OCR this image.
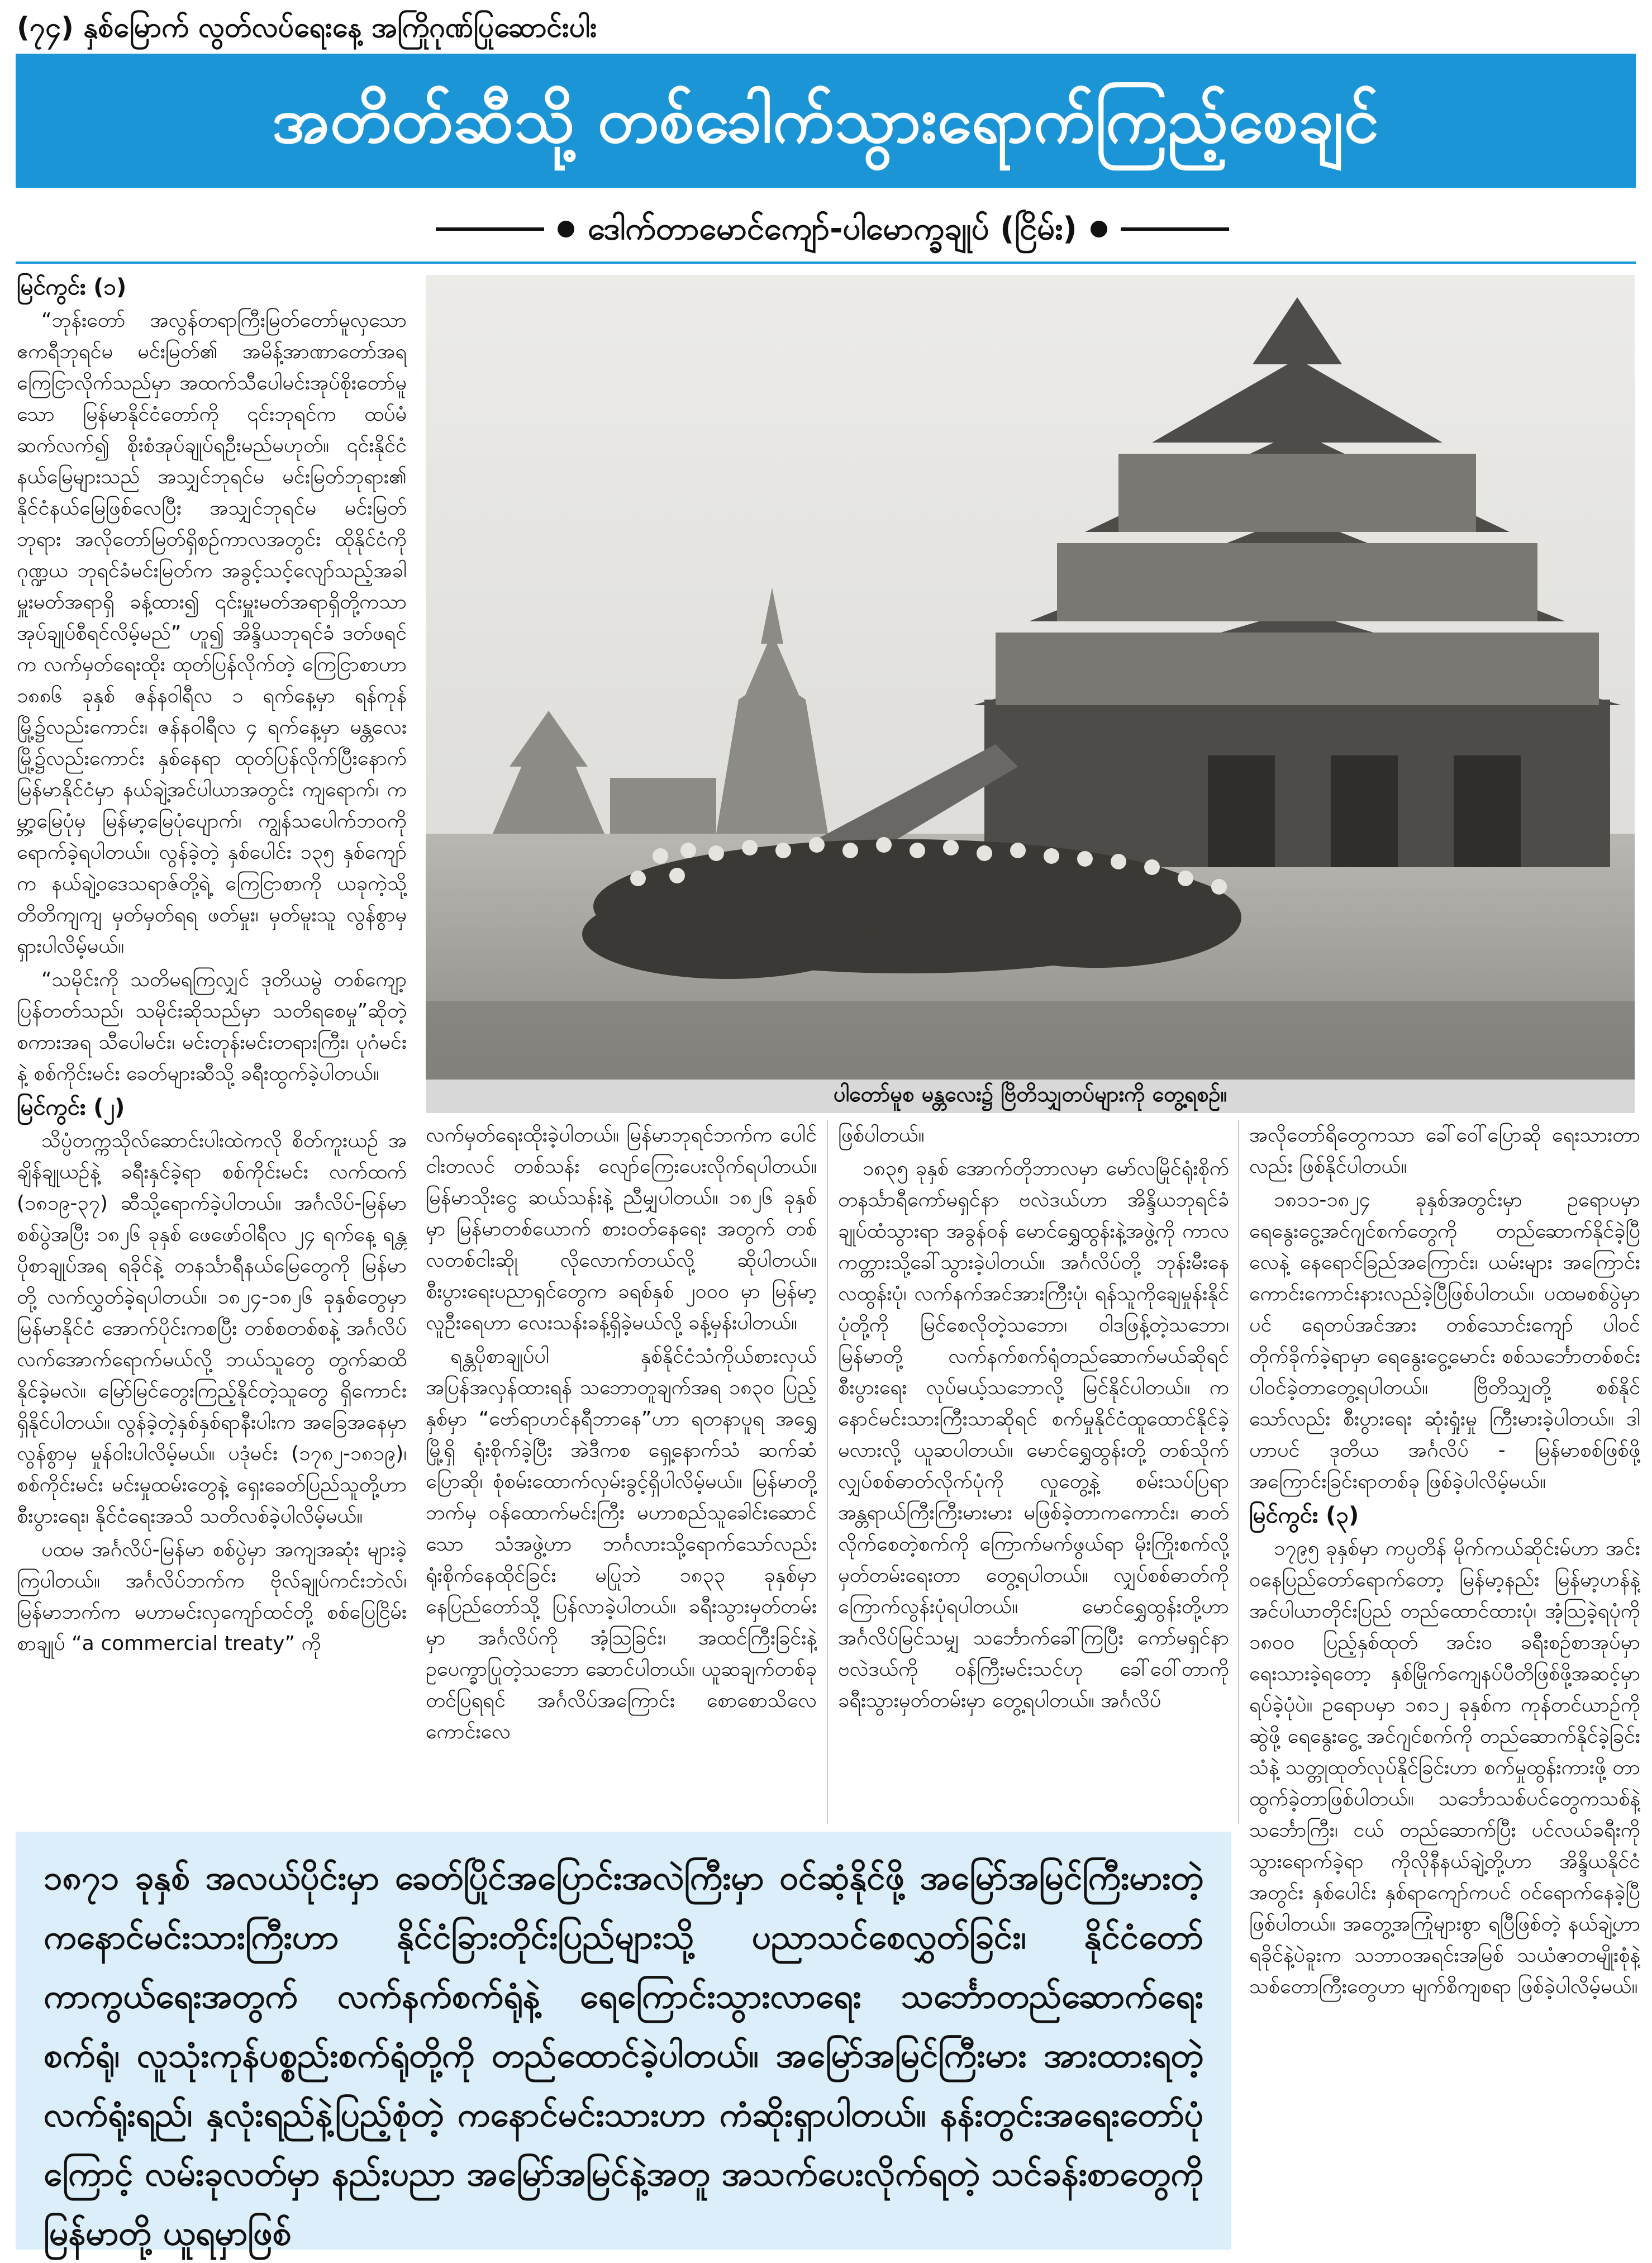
(၇၄) နှစ်မြောက် လွတ်လပ်ရေးနေ့ အကြိုဂုဏ်ပြုဆောင်းပါး
အတိတ်ဆီသို့ တစ်ခေါက်သွားရောက်ကြည့်စေချင်
ဒေါက်တာမောင်ကျော်-ပါမောက္ခချုပ် (ငြိမ်း)
မြင်ကွင်း (၁)

“ဘုန်းတော် အလွန်တရာကြီးမြတ်တော်မူလှသော ဧကရီဘုရင်မ မင်းမြတ်၏ အမိန့်အာဏာတော်အရ ကြေငြာလိုက်သည်မှာ အထက်သီပေါမင်းအုပ်စိုးတော်မူသော မြန်မာနိုင်ငံတော်ကို ၎င်းဘုရင်က ထပ်မံဆက်လက်၍ စိုးစံအုပ်ချုပ်ရဦးမည်မဟုတ်။ ၎င်းနိုင်ငံနယ်မြေများသည် အသျှင်ဘုရင်မ မင်းမြတ်ဘုရား၏ နိုင်ငံနယ်မြေဖြစ်လေပြီး အသျှင်ဘုရင်မ မင်းမြတ်ဘုရား အလိုတော်မြတ်ရှိစဉ်ကာလအတွင်း ထိုနိုင်ငံကို ဂုဏ္ဍယ ဘုရင်ခံမင်းမြတ်က အခွင့်သင့်လျော်သည့်အခါ မှူးမတ်အရာရှိ ခန့်ထား၍ ၎င်းမှူးမတ်အရာရှိတို့ကသာ အုပ်ချုပ်စီရင်လိမ့်မည်” ဟူ၍ အိန္ဒိယဘုရင်ခံ ဒတ်ဖရင်က လက်မှတ်ရေးထိုး ထုတ်ပြန်လိုက်တဲ့ ကြေငြာစာဟာ ၁၈၈၆ ခုနှစ် ဇန်နဝါရီလ ၁ ရက်နေ့မှာ ရန်ကုန်မြို့၌လည်းကောင်း၊ ဇန်နဝါရီလ ၄ ရက်နေ့မှာ မန္တလေးမြို့၌လည်းကောင်း နှစ်နေရာ ထုတ်ပြန်လိုက်ပြီးနောက် မြန်မာနိုင်ငံမှာ နယ်ချဲ့အင်ပါယာအတွင်း ကျရောက်၊ ကမ္ဘာ့မြေပုံမှ မြန်မာ့မြေပုံပျောက်၊ ကျွန်သပေါက်ဘဝကို ရောက်ခဲ့ရပါတယ်။ လွန်ခဲ့တဲ့ နှစ်ပေါင်း ၁၃၅ နှစ်ကျော်က နယ်ချဲ့ဝဒေသရာဇ်တို့ရဲ့ ကြေငြာစာကို ယခုကဲ့သို့ တိတိကျကျ မှတ်မှတ်ရရ ဖတ်မှုး၊ မှတ်မူးသူ လွန်စွာမှ ရှားပါလိမ့်မယ်။

“သမိုင်းကို သတိမရကြလျှင် ဒုတိယမွဲ တစ်ကျော့ပြန်တတ်သည်၊ သမိုင်းဆိုသည်မှာ သတိရစေမှု”ဆိုတဲ့ စကားအရ သီပေါမင်း၊ မင်းတုန်းမင်းတရားကြီး၊ ပုဂံမင်းနဲ့ စစ်ကိုင်းမင်း ခေတ်များဆီသို့ ခရီးထွက်ခဲ့ပါတယ်။

မြင်ကွင်း (၂)

သိပ္ပံတက္ကသိုလ်ဆောင်းပါးထဲကလို စိတ်ကူးယဉ် အချိန်ချုယဉ်နဲ့ ခရီးနှင်ခဲ့ရာ စစ်ကိုင်းမင်း လက်ထက် (၁၈၁၉-၃၇) ဆီသို့ရောက်ခဲ့ပါတယ်။ အင်္ဂလိပ်-မြန်မာစစ်ပွဲအပြီး ၁၈၂၆ ခုနှစ် ဖေဖော်ဝါရီလ ၂၄ ရက်နေ့ ရန္တပိုစာချုပ်အရ ရခိုင်နဲ့ တနင်္သာရီနယ်မြေတွေကို မြန်မာတို့ လက်လွှတ်ခဲ့ရပါတယ်။ ၁၈၂၄-၁၈၂၆ ခုနှစ်တွေမှာ မြန်မာနိုင်ငံ အောက်ပိုင်းကစပြီး တစ်စတစ်စနဲ့ အင်္ဂလိပ်လက်အောက်ရောက်မယ်လို့ ဘယ်သူတွေ တွက်ဆထိနိုင်ခဲ့မလဲ။ မြော်မြင်တွေးကြည့်နိုင်တဲ့သူတွေ ရှိကောင်းရှိနိုင်ပါတယ်။ လွန်ခဲ့တဲ့နှစ်နှစ်ရာနီးပါးက အခြေအနေမှာ လွန်စွာမှ မှုန်ဝါးပါလိမ့်မယ်။ ပဒုံမင်း (၁၇၈၂-၁၈၁၉)၊ စစ်ကိုင်းမင်း မင်းမှုထမ်းတွေနဲ့ ရှေးခေတ်ပြည်သူတို့ဟာ စီးပွားရေး၊ နိုင်ငံရေးအသိ သတိလစ်ခဲ့ပါလိမ့်မယ်။

ပထမ အင်္ဂလိပ်-မြန်မာ စစ်ပွဲမှာ အကျအဆုံး များခဲ့ကြပါတယ်။ အင်္ဂလိပ်ဘက်က ဗိုလ်ချုပ်ကင်းဘဲလ်၊ မြန်မာဘက်က မဟာမင်းလှကျော်ထင်တို့ စစ်ပြေငြိမ်းစာချုပ် “a commercial treaty” ကို

ပါတော်မူစ မန္တလေး၌ ဗြိတိသျှတပ်များကို တွေ့ရစဉ်။

လက်မှတ်ရေးထိုးခဲ့ပါတယ်။ မြန်မာဘုရင်ဘက်က ပေါင်ငါးတလင် တစ်သန်း လျော်ကြေးပေးလိုက်ရပါတယ်။ မြန်မာသိုးငွေ ဆယ်သန်းနဲ့ ညီမျှပါတယ်။ ၁၈၂၆ ခုနှစ်မှာ မြန်မာတစ်ယောက် စားဝတ်နေရေး အတွက် တစ်လတစ်ငါးဆိုု လိုလောက်တယ်လို့ ဆိုပါတယ်။ စီးပွားရေးပညာရှင်တွေက ခရစ်နှစ် ၂၀၀၀ မှာ မြန်မာ့လူဦးရေဟာ လေးသန်းခန့်ရှိခဲ့မယ်လို့ ခန့်မှန်းပါတယ်။

ရန္တပိုစာချုပ်ပါ နှစ်နိုင်ငံသံကိုယ်စားလှယ် အပြန်အလှန်ထားရန် သဘောတူချက်အရ ၁၈၃၀ ပြည့်နှစ်မှာ “ဗော်ရာဟင်နရီဘာနေ”ဟာ ရတနာပူရ အရွှေမြို့ရှိ ရုံးစိုက်ခဲ့ပြီး အဲဒီကစ ရှေ့နောက်သံ ဆက်ဆံပြောဆို၊ စုံစမ်းထောက်လှမ်းခွင့်ရှိပါလိမ့်မယ်။ မြန်မာတို့ဘက်မှ ဝန်ထောက်မင်းကြီး မဟာစည်သူခေါင်းဆောင်သော သံအဖွဲ့ဟာ ဘင်္ဂလားသို့ရောက်သော်လည်း ရုံးစိုက်နေထိုင်ခြင်း မပြုဘဲ ၁၈၃၃ ခုနှစ်မှာ နေပြည်တော်သို့ ပြန်လာခဲ့ပါတယ်။ ခရီးသွားမှတ်တမ်းမှာ အင်္ဂလိပ်ကို အံ့ဩခြင်း၊ အထင်ကြီးခြင်းနဲ့ ဥပေက္ခာပြုတဲ့သဘော ဆောင်ပါတယ်။ ယူဆချက်တစ်ခု တင်ပြရရင် အင်္ဂလိပ်အကြောင်း စောစောသိလေကောင်းလေ

ဖြစ်ပါတယ်။

၁၈၃၅ ခုနှစ် အောက်တိုဘာလမှာ မော်လမြိုင်ရုံးစိုက် တနင်္သာရီကော်မရှင်နာ ဗလဲဒယ်ဟာ အိန္ဒိယဘုရင်ခံချုပ်ထံသွားရာ အခွန်ဝန် မောင်ရွှေထွန်းနဲ့အဖွဲ့ကို ကာလကတ္တားသို့ခေါ်သွားခဲ့ပါတယ်။ အင်္ဂလိပ်တို့ ဘုန်းမီးနေလထွန်းပုံ၊ လက်နက်အင်အားကြီးပုံ၊ ရန်သူကိုချေမှုန်းနိုင်ပုံတို့ကို မြင်စေလိုတဲ့သဘော၊ ဝါဒဖြန့်တဲ့သဘော၊ မြန်မာတို့ လက်နက်စက်ရုံတည်ဆောက်မယ်ဆိုရင် စီးပွားရေး လုပ်မယ့်သဘောလို့ မြင်နိုင်ပါတယ်။ ကနောင်မင်းသားကြီးသာဆိုရင် စက်မှုနိုင်ငံထူထောင်နိုင်ခဲ့မလားလို့ ယူဆပါတယ်။ မောင်ရွှေထွန်းတို့ တစ်သိုက် လျှပ်စစ်ဓာတ်လိုက်ပုံကို လှုတွေ့နဲ့ စမ်းသပ်ပြရာ အန္တရာယ်ကြီးကြီးမားမား မဖြစ်ခဲ့တာကကောင်း၊ ဓာတ်လိုက်စေတဲ့စက်ကို ကြောက်မက်ဖွယ်ရာ မိုးကြိုးစက်လို့ မှတ်တမ်းရေးတာ တွေ့ရပါတယ်။ လျှပ်စစ်ဓာတ်ကို ကြောက်လွန်းပုံရပါတယ်။ မောင်ရွှေထွန်းတို့ဟာ အင်္ဂလိပ်မြင်သမျှ သင်္ဘောက်ခေါ်ကြပြီး ကော်မရှင်နာ ဗလဲဒယ်ကို ဝန်ကြီးမင်းသင်ဟု ခေါ်ဝေါ်တာကို ခရီးသွားမှတ်တမ်းမှာ တွေ့ရပါတယ်။ အင်္ဂလိပ်

အလိုတော်ရိတွေကသာ ခေါ်ဝေါ်ပြောဆို ရေးသားတာလည်း ဖြစ်နိုင်ပါတယ်။

၁၈၁၁-၁၈၂၄ ခုနှစ်အတွင်းမှာ ဥရောပမှာ ရေနွေးငွေ့အင်ဂျင်စက်တွေကို တည်ဆောက်နိုင်ခဲ့ပြီ လေနဲ့ နေရောင်ခြည်အကြောင်း၊ ယမ်းများ အကြောင်း ကောင်းကောင်းနားလည်ခဲ့ပြီဖြစ်ပါတယ်။ ပထမစစ်ပွဲမှာပင် ရေတပ်အင်အား တစ်သောင်းကျော် ပါဝင်တိုက်ခိုက်ခဲ့ရာမှာ ရေနွေးငွေ့မောင်း စစ်သင်္ဘောတစ်စင်း ပါဝင်ခဲ့တာတွေ့ရပါတယ်။ ဗြိတိသျှတို့ စစ်နိုင်သော်လည်း စီးပွားရေး ဆုံးရှုံးမှု ကြီးမားခဲ့ပါတယ်။ ဒါဟာပင် ဒုတိယ အင်္ဂလိပ် - မြန်မာစစ်ဖြစ်ဖို့ အကြောင်းခြင်းရာတစ်ခု ဖြစ်ခဲ့ပါလိမ့်မယ်။

မြင်ကွင်း (၃)

၁၇၉၅ ခုနှစ်မှာ ကပ္ပတိန် မိုက်ကယ်ဆိုင်းမ်ဟာ အင်းဝနေပြည်တော်ရောက်တော့ မြန်မာ့နည်း မြန်မာ့ဟန်နဲ့ အင်ပါယာတိုင်းပြည် တည်ထောင်ထားပုံ၊ အံ့သြခဲ့ရပုံကို ၁၈၀၀ ပြည့်နှစ်ထုတ် အင်း၀ ခရီးစဉ်စာအုပ်မှာ ရေးသားခဲ့ရတော့ နှစ်မြိုက်ကျေနပ်ပီတိဖြစ်ဖို့အဆင့်မှာ ရပ်ခဲ့ပုံပဲ။ ဥရောပမှာ ၁၈၁၂ ခုနှစ်က ကုန်တင်ယာဉ်ကိုဆွဲဖို့ ရေနွေးငွေ့ အင်ဂျင်စက်ကို တည်ဆောက်နိုင်ခဲ့ခြင်း သံနဲ့ သတ္တုထုတ်လုပ်နိုင်ခြင်းဟာ စက်မှုထွန်းကားဖို့ တာထွက်ခဲ့တာဖြစ်ပါတယ်။ သင်္ဘောသစ်ပင်တွေကသစ်နဲ့ သင်္ဘောကြီး၊ ငယ် တည်ဆောက်ပြီး ပင်လယ်ခရီးကို သွားရောက်ခဲ့ရာ ကိုလိုနီနယ်ချဲ့တို့ဟာ အိန္ဒိယနိုင်ငံ အတွင်း နှစ်ပေါင်း နှစ်ရာကျော်ကပင် ဝင်ရောက်နေခဲ့ပြီဖြစ်ပါတယ်။ အတွေ့အကြုံများစွာ ရပြီဖြစ်တဲ့ နယ်ချဲ့ဟာ ရခိုင်နဲ့ပဲခူးက သဘာဝအရင်းအမြစ် သယံဇာတမျိုးစုံနဲ့ သစ်တောကြီးတွေဟာ မျက်စိကျစရာ ဖြစ်ခဲ့ပါလိမ့်မယ်။

၁၈၇၁ ခုနှစ် အလယ်ပိုင်းမှာ ခေတ်ပြိုင်အပြောင်းအလဲကြီးမှာ ဝင်ဆံ့နိုင်ဖို့ အမြော်အမြင်ကြီးမားတဲ့ ကနောင်မင်းသားကြီးဟာ နိုင်ငံခြားတိုင်းပြည်များသို့ ပညာသင်စေလွှတ်ခြင်း၊ နိုင်ငံတော်ကာကွယ်ရေးအတွက် လက်နက်စက်ရုံနဲ့ ရေကြောင်းသွားလာရေး သင်္ဘောတည်ဆောက်ရေး စက်ရုံ၊ လူသုံးကုန်ပစ္စည်းစက်ရုံတို့ကို တည်ထောင်ခဲ့ပါတယ်။ အမြော်အမြင်ကြီးမား အားထားရတဲ့ လက်ရုံးရည်၊ နှလုံးရည်နဲ့ပြည့်စုံတဲ့ ကနောင်မင်းသားဟာ ကံဆိုးရှာပါတယ်။ နန်းတွင်းအရေးတော်ပုံကြောင့် လမ်းခုလတ်မှာ နည်းပညာ အမြော်အမြင်နဲ့အတူ အသက်ပေးလိုက်ရတဲ့ သင်ခန်းစာတွေကို မြန်မာတို့ ယူရမှာဖြစ်
